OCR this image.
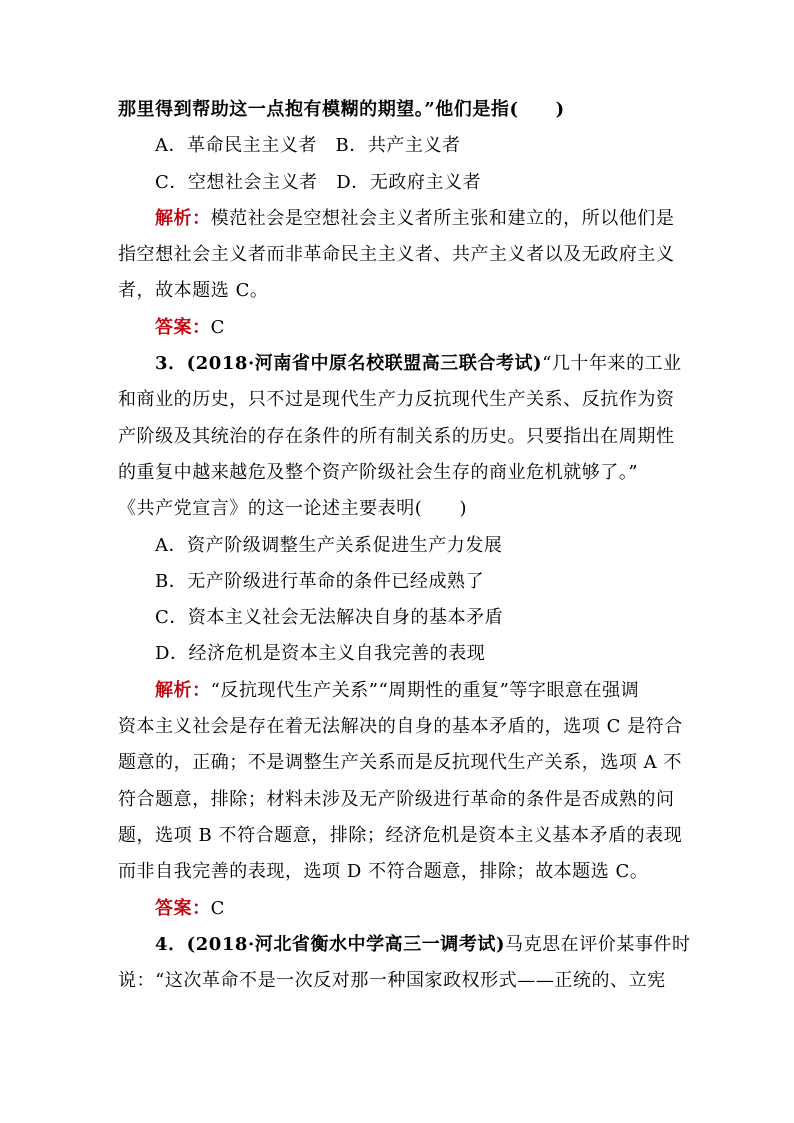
那里得到帮助这一点抱有模糊的期望。”他们是指(　　)
A．革命民主主义者　 B．共产主义者
C．空想社会主义者　 D．无政府主义者
解析：模范社会是空想社会主义者所主张和建立的，所以他们是
指空想社会主义者而非革命民主主义者、共产主义者以及无政府主义
者，故本题选 C。
答案：C
3．(2018·河南省中原名校联盟高三联合考试)“几十年来的工业
和商业的历史，只不过是现代生产力反抗现代生产关系、反抗作为资
产阶级及其统治的存在条件的所有制关系的历史。只要指出在周期性
的重复中越来越危及整个资产阶级社会生存的商业危机就够了。”
《共产党宣言》的这一论述主要表明(　　)
A．资产阶级调整生产关系促进生产力发展
B．无产阶级进行革命的条件已经成熟了
C．资本主义社会无法解决自身的基本矛盾
D．经济危机是资本主义自我完善的表现
解析：“反抗现代生产关系”“周期性的重复”等字眼意在强调
资本主义社会是存在着无法解决的自身的基本矛盾的，选项 C 是符合
题意的，正确；不是调整生产关系而是反抗现代生产关系，选项 A 不
符合题意，排除；材料未涉及无产阶级进行革命的条件是否成熟的问
题，选项 B 不符合题意，排除；经济危机是资本主义基本矛盾的表现
而非自我完善的表现，选项 D 不符合题意，排除；故本题选 C。
答案：C
4．(2018·河北省衡水中学高三一调考试)马克思在评价某事件时
说：“这次革命不是一次反对那一种国家政权形式——正统的、立宪
